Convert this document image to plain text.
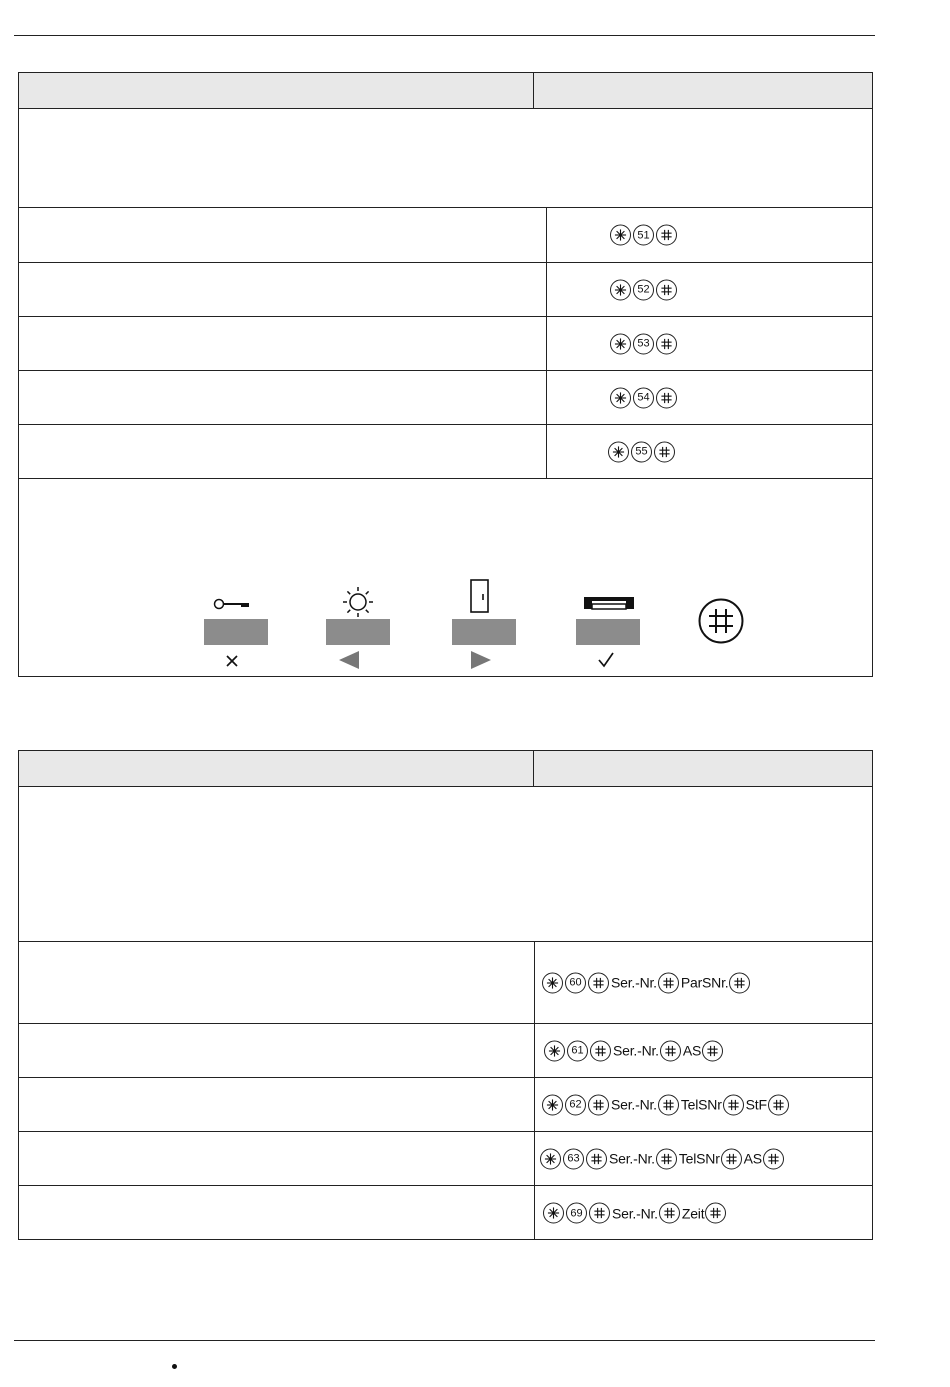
51
52
53
54
55
60	Ser.-Nr. ParSNr.
61	Ser.-Nr. AS
62	Ser.-Nr. TelSNr StF
63	Ser.-Nr. TelSNr AS
69	Ser.-Nr. Zeit
